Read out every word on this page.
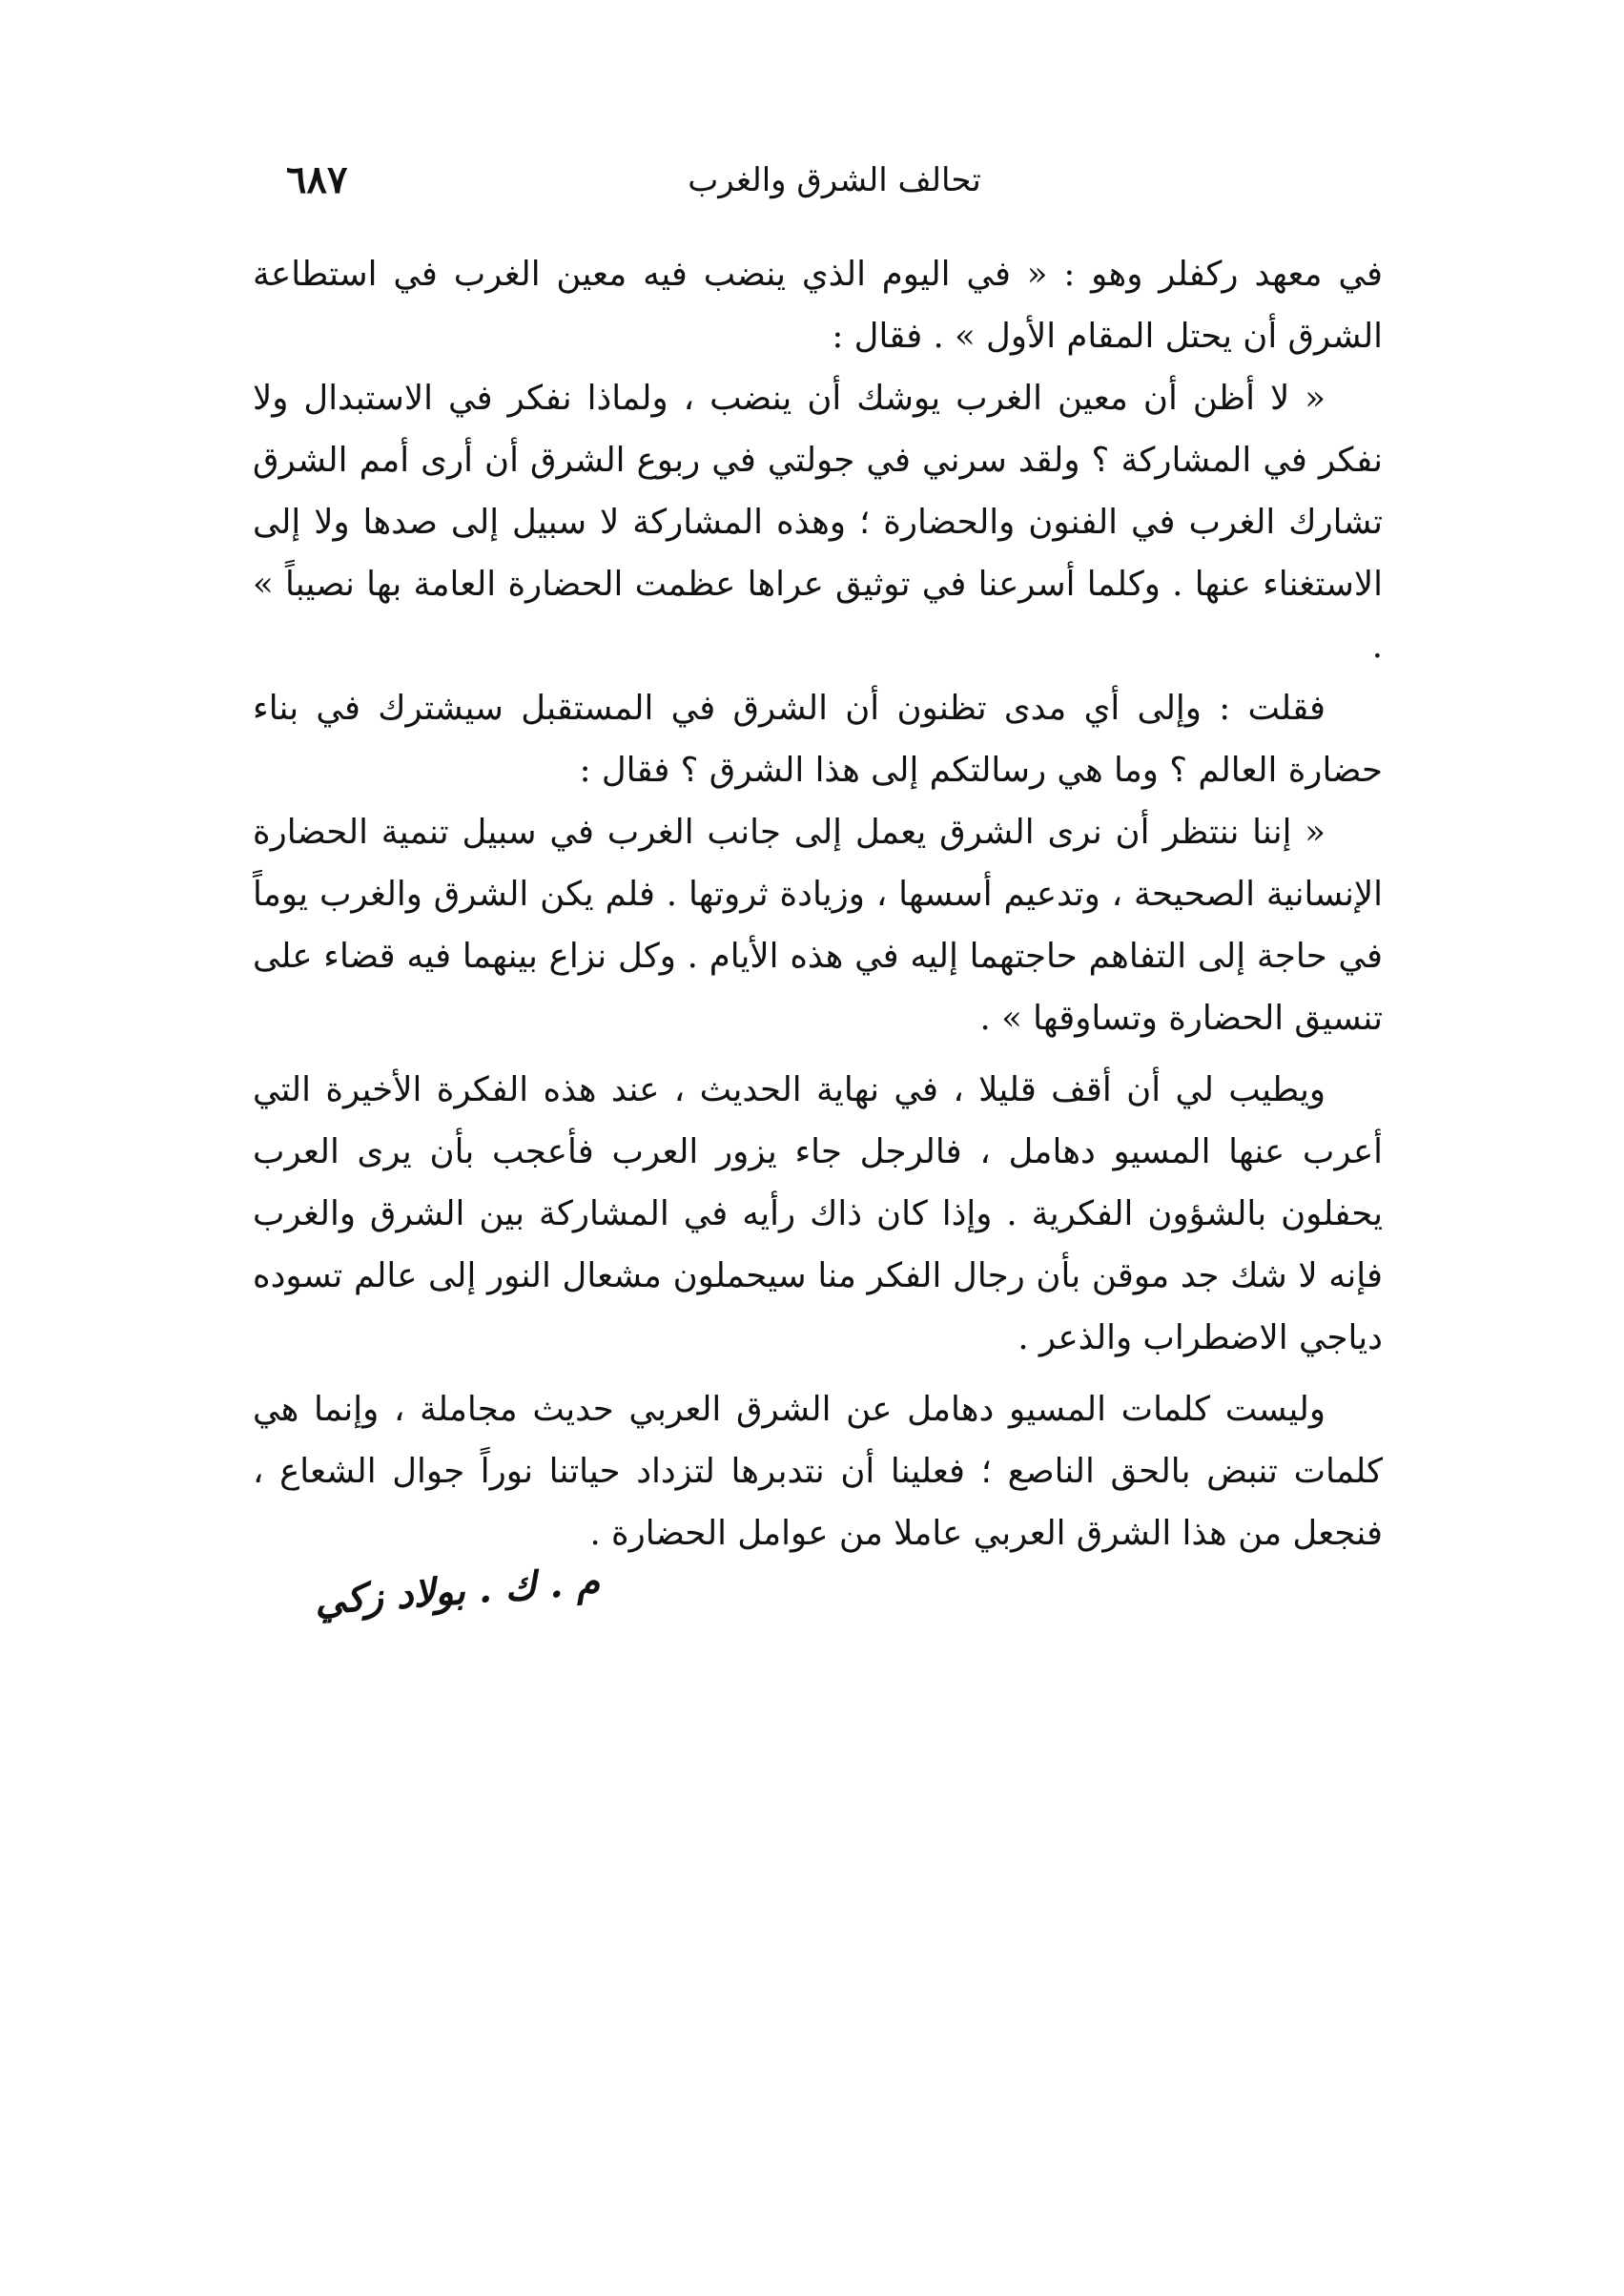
٦٨٧	تحالف الشرق والغرب

في معهد ركفلر وهو : « في اليوم الذي ينضب فيه معين الغرب في استطاعة الشرق أن يحتل المقام الأول » . فقال :

« لا أظن أن معين الغرب يوشك أن ينضب ، ولماذا نفكر في الاستبدال ولا نفكر في المشاركة ؟ ولقد سرني في جولتي في ربوع الشرق أن أرى أمم الشرق تشارك الغرب في الفنون والحضارة ؛ وهذه المشاركة لا سبيل إلى صدها ولا إلى الاستغناء عنها . وكلما أسرعنا في توثيق عراها عظمت الحضارة العامة بها نصيباً » .

فقلت : وإلى أي مدى تظنون أن الشرق في المستقبل سيشترك في بناء حضارة العالم ؟ وما هي رسالتكم إلى هذا الشرق ؟ فقال :

« إننا ننتظر أن نرى الشرق يعمل إلى جانب الغرب في سبيل تنمية الحضارة الإنسانية الصحيحة ، وتدعيم أسسها ، وزيادة ثروتها . فلم يكن الشرق والغرب يوماً في حاجة إلى التفاهم حاجتهما إليه في هذه الأيام . وكل نزاع بينهما فيه قضاء على تنسيق الحضارة وتساوقها » .

ويطيب لي أن أقف قليلا ، في نهاية الحديث ، عند هذه الفكرة الأخيرة التي أعرب عنها المسيو دهامل ، فالرجل جاء يزور العرب فأعجب بأن يرى العرب يحفلون بالشؤون الفكرية . وإذا كان ذاك رأيه في المشاركة بين الشرق والغرب فإنه لا شك جد موقن بأن رجال الفكر منا سيحملون مشعال النور إلى عالم تسوده دياجي الاضطراب والذعر .

وليست كلمات المسيو دهامل عن الشرق العربي حديث مجاملة ، وإنما هي كلمات تنبض بالحق الناصع ؛ فعلينا أن نتدبرها لتزداد حياتنا نوراً جوال الشعاع ، فنجعل من هذا الشرق العربي عاملا من عوامل الحضارة .

م . ك . بولاد زكي
